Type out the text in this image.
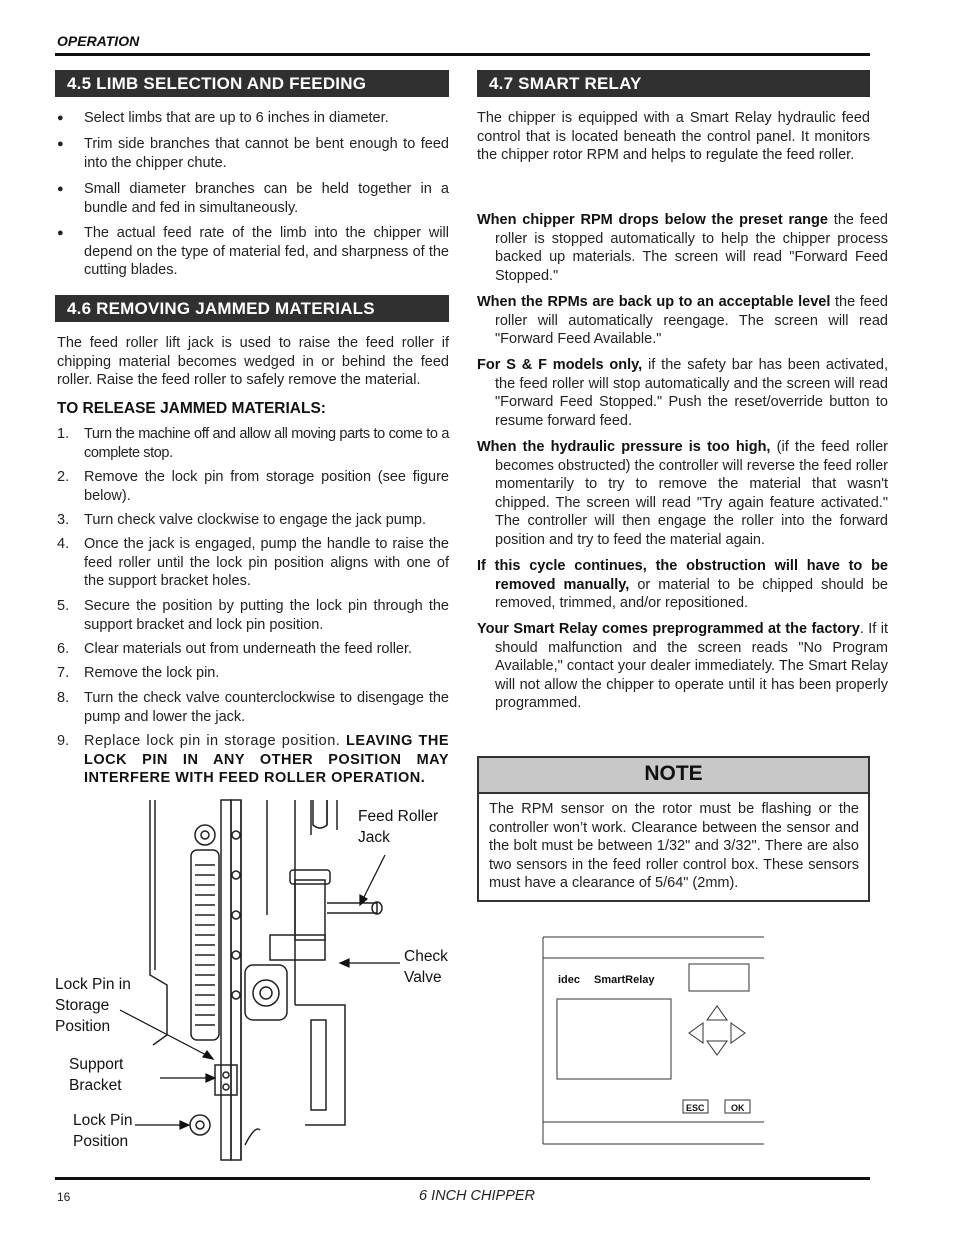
OPERATION
4.5 LIMB SELECTION AND FEEDING
● Select limbs that are up to 6 inches in diameter.
● Trim side branches that cannot be bent enough to feed into the chipper chute.
● Small diameter branches can be held together in a bundle and fed in simultaneously.
● The actual feed rate of the limb into the chipper will depend on the type of material fed, and sharpness of the cutting blades.
4.6 REMOVING JAMMED MATERIALS
The feed roller lift jack is used to raise the feed roller if chipping material becomes wedged in or behind the feed roller. Raise the feed roller to safely remove the material.
TO RELEASE JAMMED MATERIALS:
1. Turn the machine off and allow all moving parts to come to a complete stop.
2. Remove the lock pin from storage position (see figure below).
3. Turn check valve clockwise to engage the jack pump.
4. Once the jack is engaged, pump the handle to raise the feed roller until the lock pin position aligns with one of the support bracket holes.
5. Secure the position by putting the lock pin through the support bracket and lock pin position.
6. Clear materials out from underneath the feed roller.
7. Remove the lock pin.
8. Turn the check valve counterclockwise to disengage the pump and lower the jack.
9. Replace lock pin in storage position. LEAVING THE LOCK PIN IN ANY OTHER POSITION MAY INTERFERE WITH FEED ROLLER OPERATION.
Feed Roller
Jack
Check
Valve
Lock Pin in
Storage
Position
Support
Bracket
Lock Pin
Position
4.7 SMART RELAY
The chipper is equipped with a Smart Relay hydraulic feed control that is located beneath the control panel. It monitors the chipper rotor RPM and helps to regulate the feed roller.
When chipper RPM drops below the preset range the feed roller is stopped automatically to help the chipper process backed up materials. The screen will read "Forward Feed Stopped."
When the RPMs are back up to an acceptable level the feed roller will automatically reengage. The screen will read "Forward Feed Available."
For S & F models only, if the safety bar has been activated, the feed roller will stop automatically and the screen will read "Forward Feed Stopped." Push the reset/override button to resume forward feed.
When the hydraulic pressure is too high, (if the feed roller becomes obstructed) the controller will reverse the feed roller momentarily to try to remove the material that wasn't chipped. The screen will read "Try again feature activated." The controller will then engage the roller into the forward position and try to feed the material again.
If this cycle continues, the obstruction will have to be removed manually, or material to be chipped should be removed, trimmed, and/or repositioned.
Your Smart Relay comes preprogrammed at the factory. If it should malfunction and the screen reads "No Program Available," contact your dealer immediately. The Smart Relay will not allow the chipper to operate until it has been properly programmed.
NOTE
The RPM sensor on the rotor must be flashing or the controller won’t work. Clearance between the sensor and the bolt must be between 1/32" and 3/32". There are also two sensors in the feed roller control box. These sensors must have a clearance of 5/64" (2mm).
idec SmartRelay
ESC	OK
16	6 INCH CHIPPER
